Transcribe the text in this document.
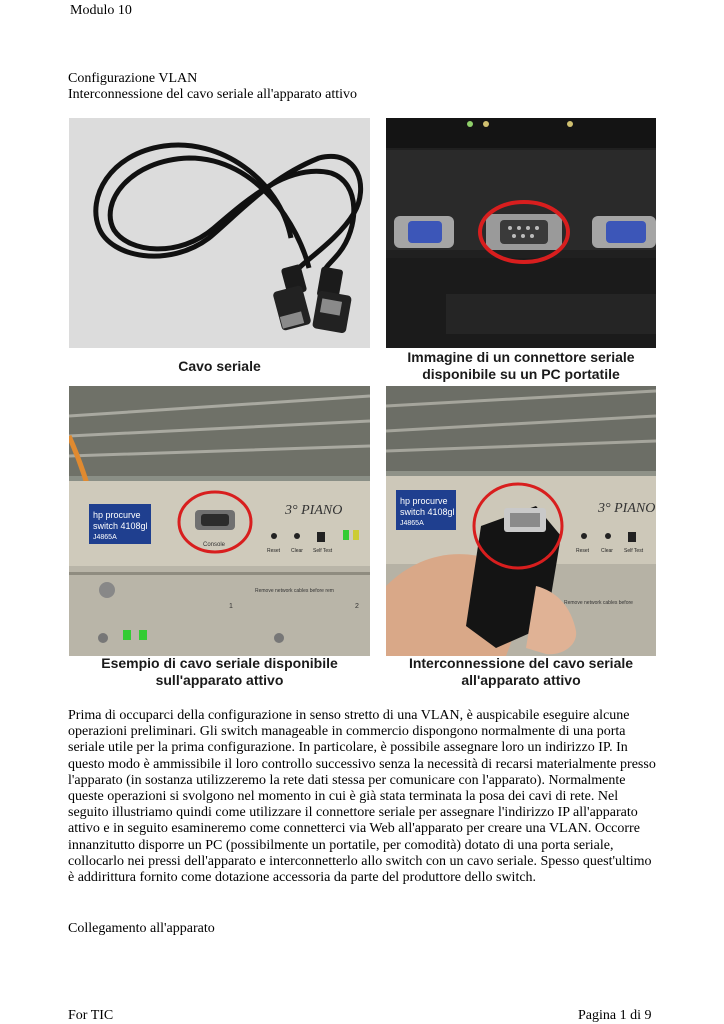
Modulo 10
Configurazione VLAN
Interconnessione del cavo seriale all'apparato attivo
Cavo seriale
Immagine di un connettore seriale
disponibile su un PC portatile
hp procurve
switch 4108gl
J4865A
Console
3° PIANO
Reset Clear Self Test
Remove network cables before rem
1	2
Esempio di cavo seriale disponibile
sull'apparato attivo
hp procurve
switch 4108gl
J4865A
3° PIANO
Reset Clear Self Test
Remove network cables before
Interconnessione del cavo seriale
all'apparato attivo
Prima di occuparci della configurazione in senso stretto di una VLAN, è auspicabile eseguire alcune operazioni preliminari. Gli switch manageable in commercio dispongono normalmente di una porta seriale utile per la prima configurazione. In particolare, è possibile assegnare loro un indirizzo IP. In questo modo è ammissibile il loro controllo successivo senza la necessità di recarsi materialmente presso l'apparato (in sostanza utilizzeremo la rete dati stessa per comunicare con l'apparato). Normalmente queste operazioni si svolgono nel momento in cui è già stata terminata la posa dei cavi di rete. Nel seguito illustriamo quindi come utilizzare il connettore seriale per assegnare l'indirizzo IP all'apparato attivo e in seguito esamineremo come connetterci via Web all'apparato per creare una VLAN. Occorre innanzitutto disporre un PC (possibilmente un portatile, per comodità) dotato di una porta seriale, collocarlo nei pressi dell'apparato e interconnetterlo allo switch con un cavo seriale. Spesso quest'ultimo è addirittura fornito come dotazione accessoria da parte del produttore dello switch.
Collegamento all'apparato
For TIC	Pagina 1 di 9
